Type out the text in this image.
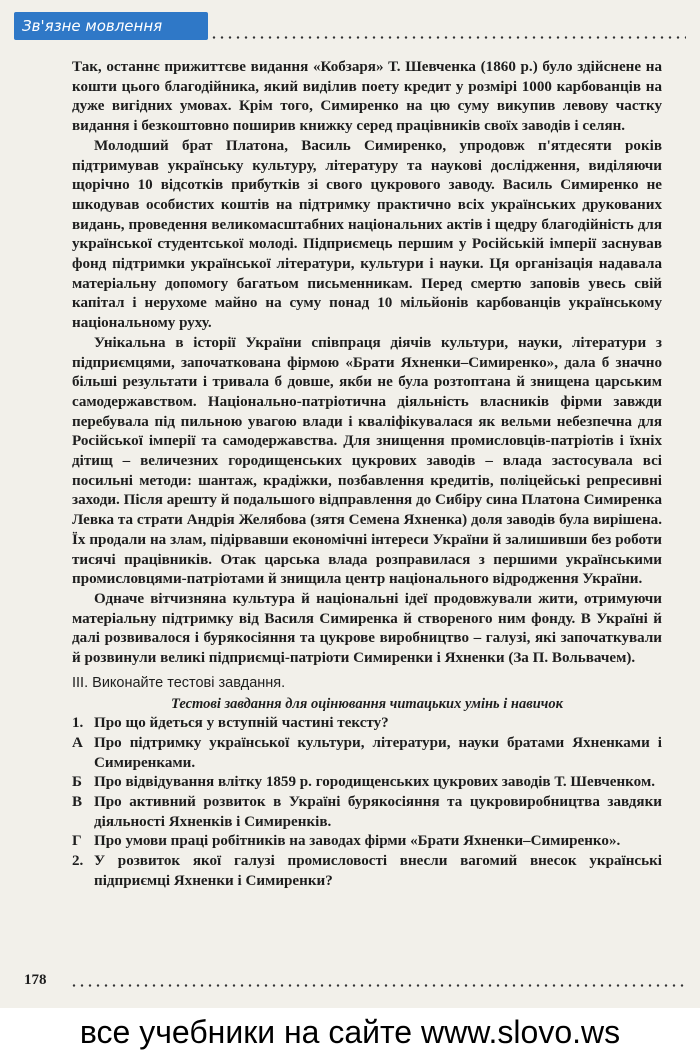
Зв'язне мовлення

Так, останнє прижиттєве видання «Кобзаря» Т. Шевченка (1860 р.) було здійснене на кошти цього благодійника, який виділив поету кредит у розмірі 1000 карбованців на дуже вигідних умовах. Крім того, Симиренко на цю суму викупив левову частку видання і безкоштовно поширив книжку серед працівників своїх заводів і селян.

Молодший брат Платона, Василь Симиренко, упродовж п'ятдесяти років підтримував українську культуру, літературу та наукові дослідження, виділяючи щорічно 10 відсотків прибутків зі свого цукрового заводу. Василь Симиренко не шкодував особистих коштів на підтримку практично всіх українських друкованих видань, проведення великомасштабних національних актів і щедру благодійність для української студентської молоді. Підприємець першим у Російській імперії заснував фонд підтримки української літератури, культури і науки. Ця організація надавала матеріальну допомогу багатьом письменникам. Перед смертю заповів увесь свій капітал і нерухоме майно на суму понад 10 мільйонів карбованців українському національному руху.

Унікальна в історії України співпраця діячів культури, науки, літератури з підприємцями, започаткована фірмою «Брати Яхненки–Симиренко», дала б значно більші результати і тривала б довше, якби не була розтоптана й знищена царським самодержавством. Національно-патріотична діяльність власників фірми завжди перебувала під пильною увагою влади і кваліфікувалася як вельми небезпечна для Російської імперії та самодержавства. Для знищення промисловців-патріотів і їхніх дітищ – величезних городищенських цукрових заводів – влада застосувала всі посильні методи: шантаж, крадіжки, позбавлення кредитів, поліцейські репресивні заходи. Після арешту й подальшого відправлення до Сибіру сина Платона Симиренка Левка та страти Андрія Желябова (зятя Семена Яхненка) доля заводів була вирішена. Їх продали на злам, підірвавши економічні інтереси України й залишивши без роботи тисячі працівників. Отак царська влада розправилася з першими українськими промисловцями-патріотами й знищила центр національного відродження України.

Одначе вітчизняна культура й національні ідеї продовжували жити, отримуючи матеріальну підтримку від Василя Симиренка й створеного ним фонду. В Україні й далі розвивалося і бурякосіяння та цукрове виробництво – галузі, які започаткували й розвинули великі підприємці-патріоти Симиренки і Яхненки (За П. Вольвачем).

III. Виконайте тестові завдання.

Тестові завдання для оцінювання читацьких умінь і навичок

1. Про що йдеться у вступній частині тексту?
А Про підтримку української культури, літератури, науки братами Яхненками і Симиренками.
Б Про відвідування влітку 1859 р. городищенських цукрових заводів Т. Шевченком.
В Про активний розвиток в Україні бурякосіяння та цукровиробництва завдяки діяльності Яхненків і Симиренків.
Г Про умови праці робітників на заводах фірми «Брати Яхненки–Симиренко».
2. У розвиток якої галузі промисловості внесли вагомий внесок українські підприємці Яхненки і Симиренки?
178
все учебники на сайте www.slovo.ws
